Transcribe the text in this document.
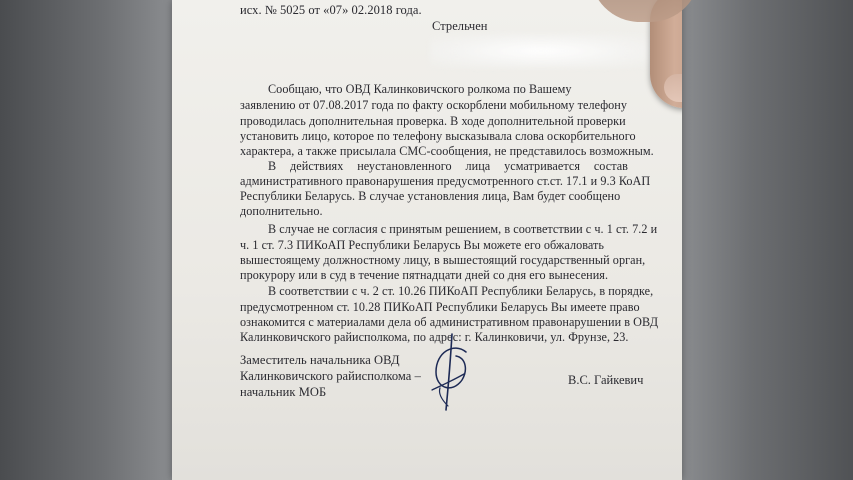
исх. № 5025 от «07» 02.2018 года.
Стрельчен
Сообщаю, что ОВД Калинковичского ролкома по Вашему
заявлению от 07.08.2017 года по факту оскорблени мобильному телефону
проводилась дополнительная проверка. В ходе дополнительной проверки
установить лицо, которое по телефону высказывала слова оскорбительного
характера, а также присылала СМС-сообщения, не представилось возможным.
В действиях неустановленного лица усматривается состав
административного правонарушения предусмотренного ст.ст. 17.1 и 9.3 КоАП
Республики Беларусь. В случае установления лица, Вам будет сообщено
дополнительно.
В случае не согласия с принятым решением, в соответствии с ч. 1 ст. 7.2 и
ч. 1 ст. 7.3 ПИКоАП Республики Беларусь Вы можете его обжаловать
вышестоящему должностному лицу, в вышестоящий государственный орган,
прокурору или в суд в течение пятнадцати дней со дня его вынесения.
В соответствии с ч. 2 ст. 10.26 ПИКоАП Республики Беларусь, в порядке,
предусмотренном ст. 10.28 ПИКоАП Республики Беларусь Вы имеете право
ознакомится с материалами дела об административном правонарушении в ОВД
Калинковичского райисполкома, по адрес: г. Калинковичи, ул. Фрунзе, 23.
Заместитель начальника ОВД
Калинковичского райисполкома –
начальник МОБ
В.С. Гайкевич
